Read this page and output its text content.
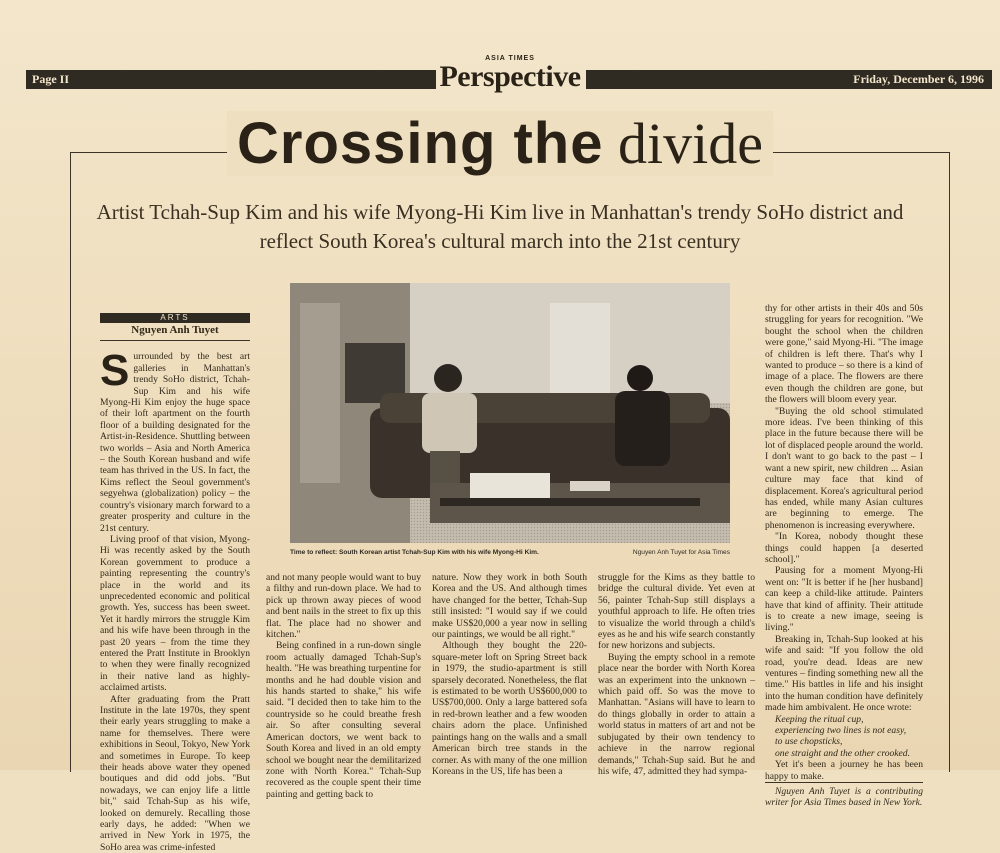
Page II
ASIA TIMES
Perspective	Friday, December 6, 1996
Crossing the divide
Artist Tchah-Sup Kim and his wife Myong-Hi Kim live in Manhattan's trendy SoHo district and reflect South Korea's cultural march into the 21st century
ARTS
Nguyen Anh Tuyet

Surrounded by the best art galleries in Manhattan's trendy SoHo district, Tchah-Sup Kim and his wife Myong-Hi Kim enjoy the huge space of their loft apartment on the fourth floor of a building designated for the Artist-in-Residence. Shuttling between two worlds – Asia and North America – the South Korean husband and wife team has thrived in the US. In fact, the Kims reflect the Seoul government's segyehwa (globalization) policy – the country's visionary march forward to a greater prosperity and culture in the 21st century.

Living proof of that vision, Myong-Hi was recently asked by the South Korean government to produce a painting representing the country's place in the world and its unprecedented economic and political growth. Yes, success has been sweet. Yet it hardly mirrors the struggle Kim and his wife have been through in the past 20 years – from the time they entered the Pratt Institute in Brooklyn to when they were finally recognized in their native land as highly-acclaimed artists.

After graduating from the Pratt Institute in the late 1970s, they spent their early years struggling to make a name for themselves. There were exhibitions in Seoul, Tokyo, New York and sometimes in Europe. To keep their heads above water they opened boutiques and did odd jobs. "But nowadays, we can enjoy life a little bit," said Tchah-Sup as his wife, looked on demurely. Recalling those early days, he added: "When we arrived in New York in 1975, the SoHo area was crime-infested

Time to reflect: South Korean artist Tchah-Sup Kim with his wife Myong-Hi Kim.	Nguyen Anh Tuyet for Asia Times

and not many people would want to buy a filthy and run-down place. We had to pick up thrown away pieces of wood and bent nails in the street to fix up this flat. The place had no shower and kitchen."

Being confined in a run-down single room actually damaged Tchah-Sup's health. "He was breathing turpentine for months and he had double vision and his hands started to shake," his wife said. "I decided then to take him to the countryside so he could breathe fresh air. So after consulting several American doctors, we went back to South Korea and lived in an old empty school we bought near the demilitarized zone with North Korea." Tchah-Sup recovered as the couple spent their time painting and getting back to

nature. Now they work in both South Korea and the US. And although times have changed for the better, Tchah-Sup still insisted: "I would say if we could make US$20,000 a year now in selling our paintings, we would be all right."

Although they bought the 220-square-meter loft on Spring Street back in 1979, the studio-apartment is still sparsely decorated. Nonetheless, the flat is estimated to be worth US$600,000 to US$700,000. Only a large battered sofa in red-brown leather and a few wooden chairs adorn the place. Unfinished paintings hang on the walls and a small American birch tree stands in the corner. As with many of the one million Koreans in the US, life has been a

struggle for the Kims as they battle to bridge the cultural divide. Yet even at 56, painter Tchah-Sup still displays a youthful approach to life. He often tries to visualize the world through a child's eyes as he and his wife search constantly for new horizons and subjects.

Buying the empty school in a remote place near the border with North Korea was an experiment into the unknown – which paid off. So was the move to Manhattan. "Asians will have to learn to do things globally in order to attain a world status in matters of art and not be subjugated by their own tendency to achieve in the narrow regional demands," Tchah-Sup said. But he and his wife, 47, admitted they had sympa-

thy for other artists in their 40s and 50s struggling for years for recognition. "We bought the school when the children were gone," said Myong-Hi. "The image of children is left there. That's why I wanted to produce – so there is a kind of image of a place. The flowers are there even though the children are gone, but the flowers will bloom every year.

"Buying the old school stimulated more ideas. I've been thinking of this place in the future because there will be lot of displaced people around the world. I don't want to go back to the past – I want a new spirit, new children ... Asian culture may face that kind of displacement. Korea's agricultural period has ended, while many Asian cultures are beginning to emerge. The phenomenon is increasing everywhere.

"In Korea, nobody thought these things could happen [a deserted school]."

Pausing for a moment Myong-Hi went on: "It is better if he [her husband] can keep a child-like attitude. Painters have that kind of affinity. Their attitude is to create a new image, seeing is living."

Breaking in, Tchah-Sup looked at his wife and said: "If you follow the old road, you're dead. Ideas are new ventures – finding something new all the time." His battles in life and his insight into the human condition have definitely made him ambivalent. He once wrote:

Keeping the ritual cup,

experiencing two lines is not easy,

to use chopsticks,

one straight and the other crooked.

Yet it's been a journey he has been happy to make.

Nguyen Anh Tuyet is a contributing writer for Asia Times based in New York.
